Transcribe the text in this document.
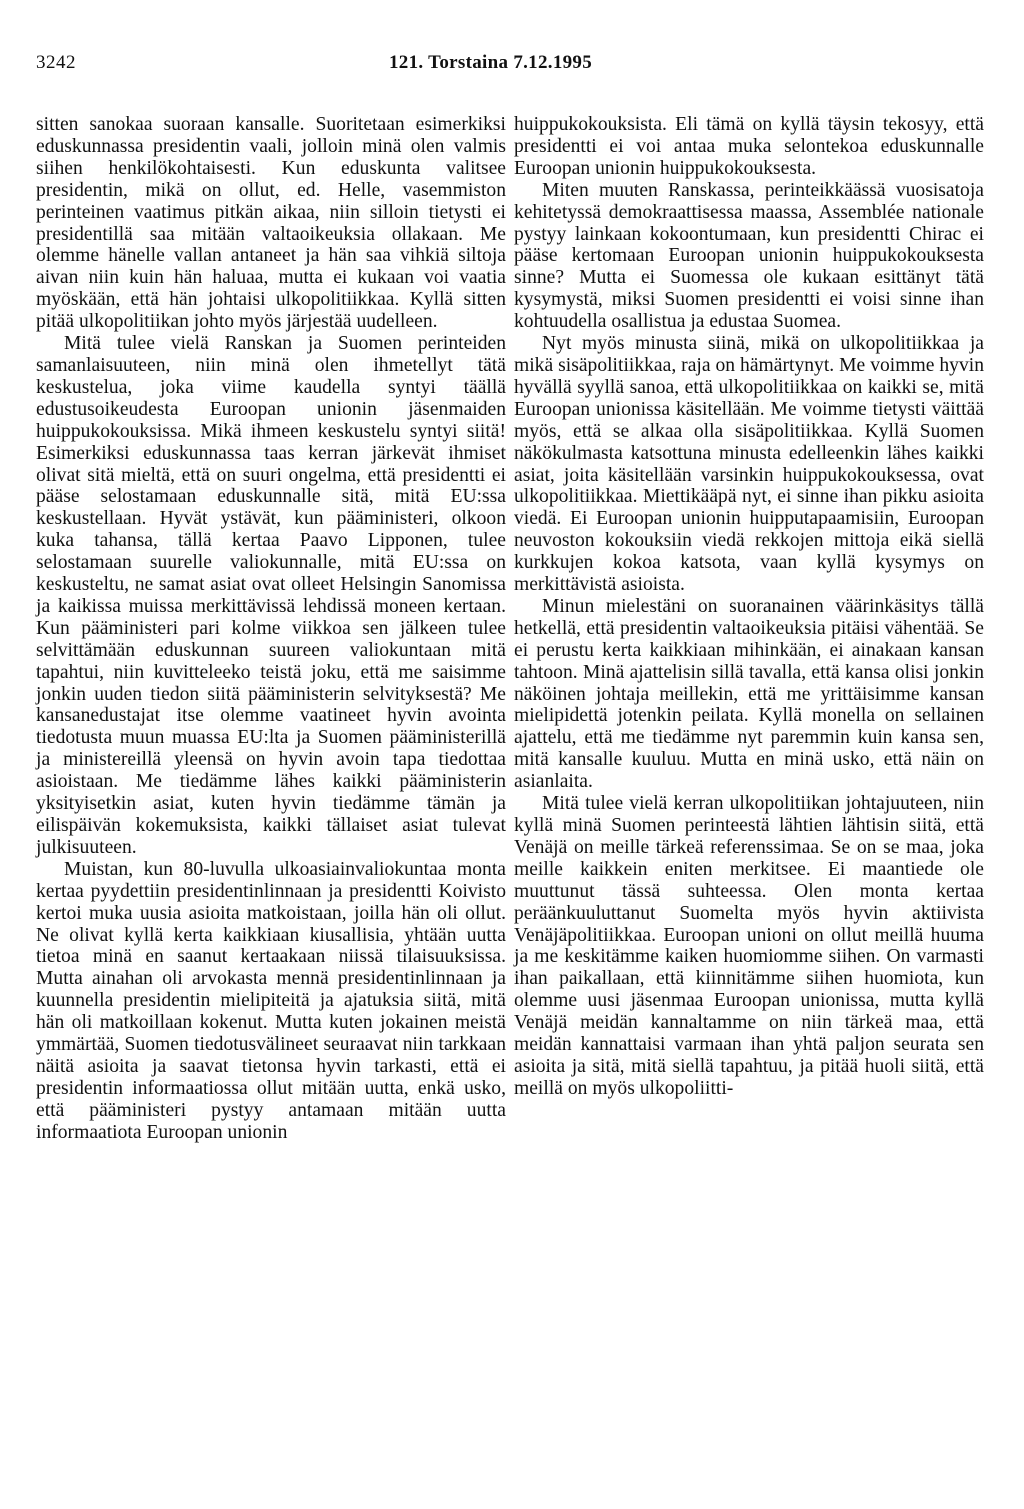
3242	121. Torstaina 7.12.1995

sitten sanokaa suoraan kansalle. Suoritetaan esimerkiksi eduskunnassa presidentin vaali, jolloin minä olen valmis siihen henkilökohtaisesti. Kun eduskunta valitsee presidentin, mikä on ollut, ed. Helle, vasemmiston perinteinen vaatimus pitkän aikaa, niin silloin tietysti ei presidentillä saa mitään valtaoikeuksia ollakaan. Me olemme hänelle vallan antaneet ja hän saa vihkiä siltoja aivan niin kuin hän haluaa, mutta ei kukaan voi vaatia myöskään, että hän johtaisi ulkopolitiikkaa. Kyllä sitten pitää ulkopolitiikan johto myös järjestää uudelleen.

Mitä tulee vielä Ranskan ja Suomen perinteiden samanlaisuuteen, niin minä olen ihmetellyt tätä keskustelua, joka viime kaudella syntyi täällä edustusoikeudesta Euroopan unionin jäsenmaiden huippukokouksissa. Mikä ihmeen keskustelu syntyi siitä! Esimerkiksi eduskunnassa taas kerran järkevät ihmiset olivat sitä mieltä, että on suuri ongelma, että presidentti ei pääse selostamaan eduskunnalle sitä, mitä EU:ssa keskustellaan. Hyvät ystävät, kun pääministeri, olkoon kuka tahansa, tällä kertaa Paavo Lipponen, tulee selostamaan suurelle valiokunnalle, mitä EU:ssa on keskusteltu, ne samat asiat ovat olleet Helsingin Sanomissa ja kaikissa muissa merkittävissä lehdissä moneen kertaan. Kun pääministeri pari kolme viikkoa sen jälkeen tulee selvittämään eduskunnan suureen valiokuntaan mitä tapahtui, niin kuvitteleeko teistä joku, että me saisimme jonkin uuden tiedon siitä pääministerin selvityksestä? Me kansanedustajat itse olemme vaatineet hyvin avointa tiedotusta muun muassa EU:lta ja Suomen pääministerillä ja ministereillä yleensä on hyvin avoin tapa tiedottaa asioistaan. Me tiedämme lähes kaikki pääministerin yksityisetkin asiat, kuten hyvin tiedämme tämän ja eilispäivän kokemuksista, kaikki tällaiset asiat tulevat julkisuuteen.

Muistan, kun 80-luvulla ulkoasiainvaliokuntaa monta kertaa pyydettiin presidentinlinnaan ja presidentti Koivisto kertoi muka uusia asioita matkoistaan, joilla hän oli ollut. Ne olivat kyllä kerta kaikkiaan kiusallisia, yhtään uutta tietoa minä en saanut kertaakaan niissä tilaisuuksissa. Mutta ainahan oli arvokasta mennä presidentinlinnaan ja kuunnella presidentin mielipiteitä ja ajatuksia siitä, mitä hän oli matkoillaan kokenut. Mutta kuten jokainen meistä ymmärtää, Suomen tiedotusvälineet seuraavat niin tarkkaan näitä asioita ja saavat tietonsa hyvin tarkasti, että ei presidentin informaatiossa ollut mitään uutta, enkä usko, että pääministeri pystyy antamaan mitään uutta informaatiota Euroopan unionin

huippukokouksista. Eli tämä on kyllä täysin tekosyy, että presidentti ei voi antaa muka selontekoa eduskunnalle Euroopan unionin huippukokouksesta.

Miten muuten Ranskassa, perinteikkäässä vuosisatoja kehitetyssä demokraattisessa maassa, Assemblée nationale pystyy lainkaan kokoontumaan, kun presidentti Chirac ei pääse kertomaan Euroopan unionin huippukokouksesta sinne? Mutta ei Suomessa ole kukaan esittänyt tätä kysymystä, miksi Suomen presidentti ei voisi sinne ihan kohtuudella osallistua ja edustaa Suomea.

Nyt myös minusta siinä, mikä on ulkopolitiikkaa ja mikä sisäpolitiikkaa, raja on hämärtynyt. Me voimme hyvin hyvällä syyllä sanoa, että ulkopolitiikkaa on kaikki se, mitä Euroopan unionissa käsitellään. Me voimme tietysti väittää myös, että se alkaa olla sisäpolitiikkaa. Kyllä Suomen näkökulmasta katsottuna minusta edelleenkin lähes kaikki asiat, joita käsitellään varsinkin huippukokouksessa, ovat ulkopolitiikkaa. Miettikääpä nyt, ei sinne ihan pikku asioita viedä. Ei Euroopan unionin huipputapaamisiin, Euroopan neuvoston kokouksiin viedä rekkojen mittoja eikä siellä kurkkujen kokoa katsota, vaan kyllä kysymys on merkittävistä asioista.

Minun mielestäni on suoranainen väärinkäsitys tällä hetkellä, että presidentin valtaoikeuksia pitäisi vähentää. Se ei perustu kerta kaikkiaan mihinkään, ei ainakaan kansan tahtoon. Minä ajattelisin sillä tavalla, että kansa olisi jonkin näköinen johtaja meillekin, että me yrittäisimme kansan mielipidettä jotenkin peilata. Kyllä monella on sellainen ajattelu, että me tiedämme nyt paremmin kuin kansa sen, mitä kansalle kuuluu. Mutta en minä usko, että näin on asianlaita.

Mitä tulee vielä kerran ulkopolitiikan johtajuuteen, niin kyllä minä Suomen perinteestä lähtien lähtisin siitä, että Venäjä on meille tärkeä referenssimaa. Se on se maa, joka meille kaikkein eniten merkitsee. Ei maantiede ole muuttunut tässä suhteessa. Olen monta kertaa peräänkuuluttanut Suomelta myös hyvin aktiivista Venäjäpolitiikkaa. Euroopan unioni on ollut meillä huuma ja me keskitämme kaiken huomiomme siihen. On varmasti ihan paikallaan, että kiinnitämme siihen huomiota, kun olemme uusi jäsenmaa Euroopan unionissa, mutta kyllä Venäjä meidän kannaltamme on niin tärkeä maa, että meidän kannattaisi varmaan ihan yhtä paljon seurata sen asioita ja sitä, mitä siellä tapahtuu, ja pitää huoli siitä, että meillä on myös ulkopoliitti-
